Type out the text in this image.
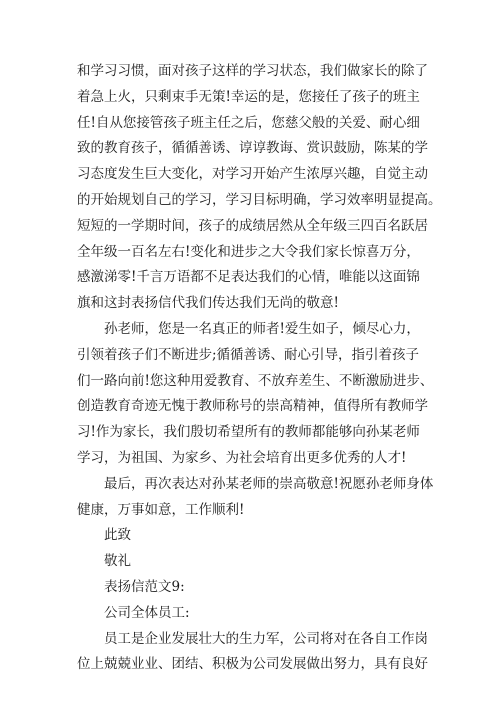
和学习习惯，面对孩子这样的学习状态，我们做家长的除了
着急上火，只剩束手无策!幸运的是，您接任了孩子的班主
任!自从您接管孩子班主任之后，您慈父般的关爱、耐心细
致的教育孩子，循循善诱、谆谆教诲、赏识鼓励，陈某的学
习态度发生巨大变化，对学习开始产生浓厚兴趣，自觉主动
的开始规划自己的学习，学习目标明确，学习效率明显提高。
短短的一学期时间，孩子的成绩居然从全年级三四百名跃居
全年级一百名左右!变化和进步之大令我们家长惊喜万分，
感激涕零!千言万语都不足表达我们的心情，唯能以这面锦
旗和这封表扬信代我们传达我们无尚的敬意!
孙老师，您是一名真正的师者!爱生如子，倾尽心力，
引领着孩子们不断进步;循循善诱、耐心引导，指引着孩子
们一路向前!您这种用爱教育、不放弃差生、不断激励进步、
创造教育奇迹无愧于教师称号的崇高精神，值得所有教师学
习!作为家长，我们殷切希望所有的教师都能够向孙某老师
学习，为祖国、为家乡、为社会培育出更多优秀的人才!
最后，再次表达对孙某老师的崇高敬意!祝愿孙老师身体
健康，万事如意，工作顺利!
此致
敬礼
表扬信范文9:
公司全体员工:
员工是企业发展壮大的生力军，公司将对在各自工作岗
位上兢兢业业、团结、积极为公司发展做出努力，具有良好
